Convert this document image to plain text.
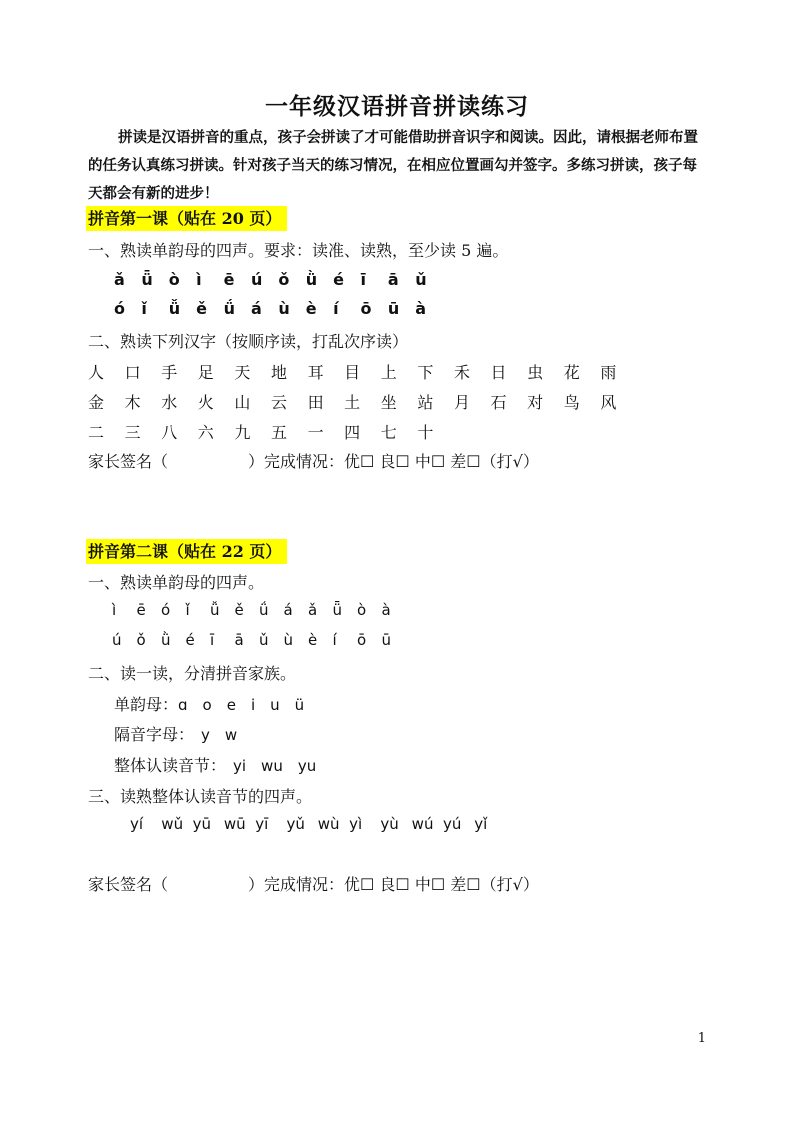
一年级汉语拼音拼读练习
拼读是汉语拼音的重点，孩子会拼读了才可能借助拼音识字和阅读。因此，请根据老师布置的任务认真练习拼读。针对孩子当天的练习情况，在相应位置画勾并签字。多练习拼读，孩子每天都会有新的进步！
拼音第一课（贴在 20 页）
一、熟读单韵母的四声。要求：读准、读熟，至少读 5 遍。
ǎ	ǖ	ò	ì	ē	ú	ǒ	ǜ	é	ī	ā	ǔ
ó	ǐ	ǚ	ě	ǘ	á	ù	è	í	ō	ū	à
二、熟读下列汉字（按顺序读，打乱次序读）
人	口	手	足	天	地	耳	目	上	下	禾	日	虫	花	雨
金	木	水	火	山	云	田	土	坐	站	月	石	对	鸟	风
二	三	八	六	九	五	一	四	七	十
家长签名（　　　　　）完成情况：优☐ 良☐ 中☐ 差☐（打√）
拼音第二课（贴在 22 页）
一、熟读单韵母的四声。
ì	ē	ó	ǐ	ǚ ě	ǘ á	ǎ	ǖ ò	à
ú ǒ	ǜ é	ī	ā	ǔ ù è	í	ō	ū
二、读一读，分清拼音家族。
单韵母：ɑ　o　e　i　u　ü
隔音字母：　y　w
整体认读音节：　yi　wu　yu
三、读熟整体认读音节的四声。
yí	wǔ yū wū yī	yǔ wù yì	yù wú yú yǐ
家长签名（　　　　　）完成情况：优☐ 良☐ 中☐ 差☐（打√）
1
